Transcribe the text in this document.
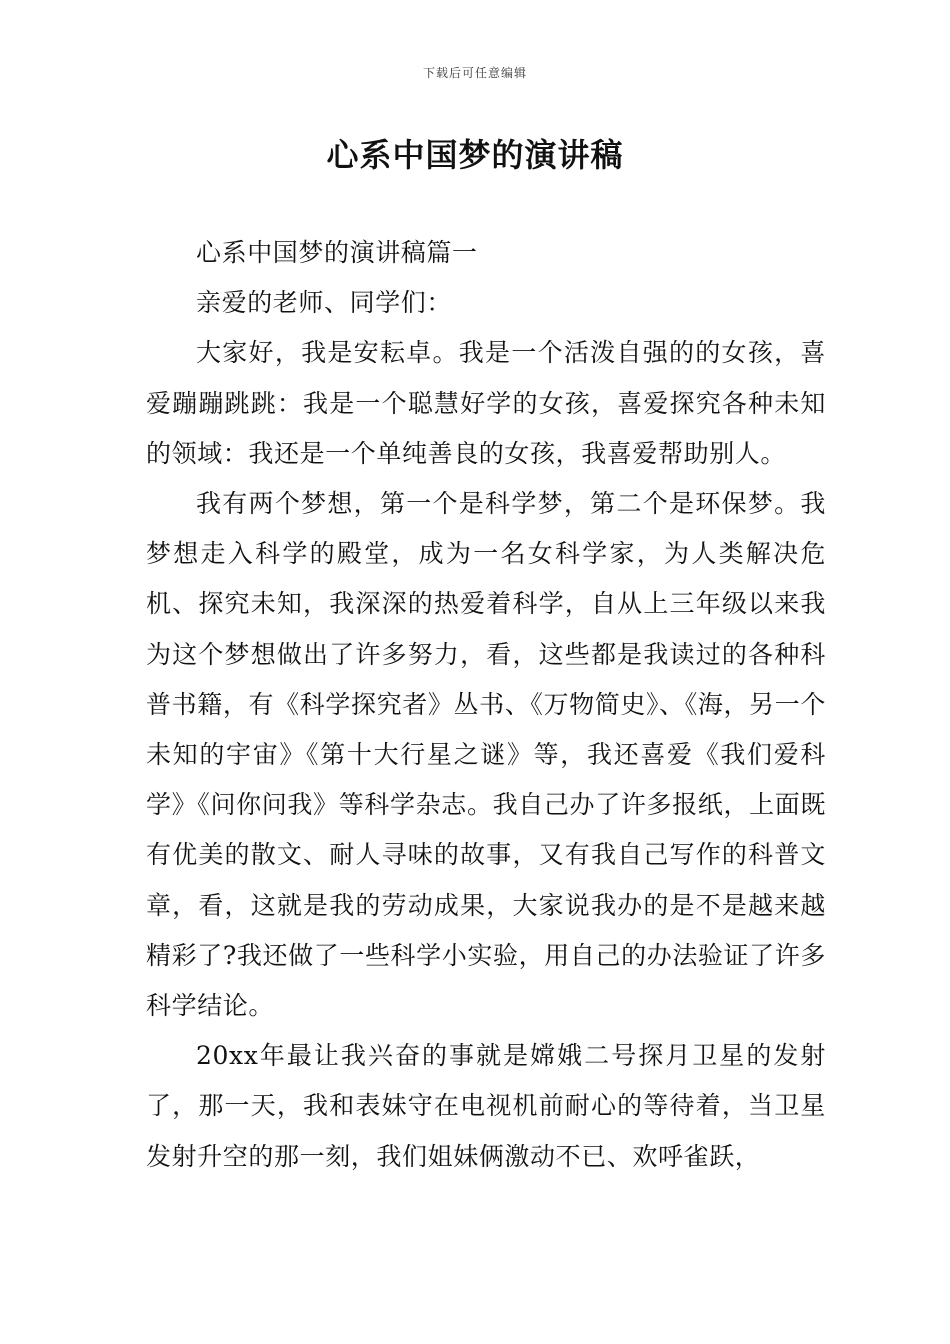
下载后可任意编辑
心系中国梦的演讲稿

心系中国梦的演讲稿篇一

亲爱的老师、同学们：

大家好，我是安耘卓。我是一个活泼自强的的女孩，喜爱蹦蹦跳跳：我是一个聪慧好学的女孩，喜爱探究各种未知的领域：我还是一个单纯善良的女孩，我喜爱帮助别人。

我有两个梦想，第一个是科学梦，第二个是环保梦。我梦想走入科学的殿堂，成为一名女科学家，为人类解决危机、探究未知，我深深的热爱着科学，自从上三年级以来我为这个梦想做出了许多努力，看，这些都是我读过的各种科普书籍，有《科学探究者》丛书、《万物简史》、《海，另一个未知的宇宙》《第十大行星之谜》等，我还喜爱《我们爱科学》《问你问我》等科学杂志。我自己办了许多报纸，上面既有优美的散文、耐人寻味的故事，又有我自己写作的科普文章，看，这就是我的劳动成果，大家说我办的是不是越来越精彩了?我还做了一些科学小实验，用自己的办法验证了许多科学结论。

20xx年最让我兴奋的事就是嫦娥二号探月卫星的发射了，那一天，我和表妹守在电视机前耐心的等待着，当卫星发射升空的那一刻，我们姐妹俩激动不已、欢呼雀跃，
